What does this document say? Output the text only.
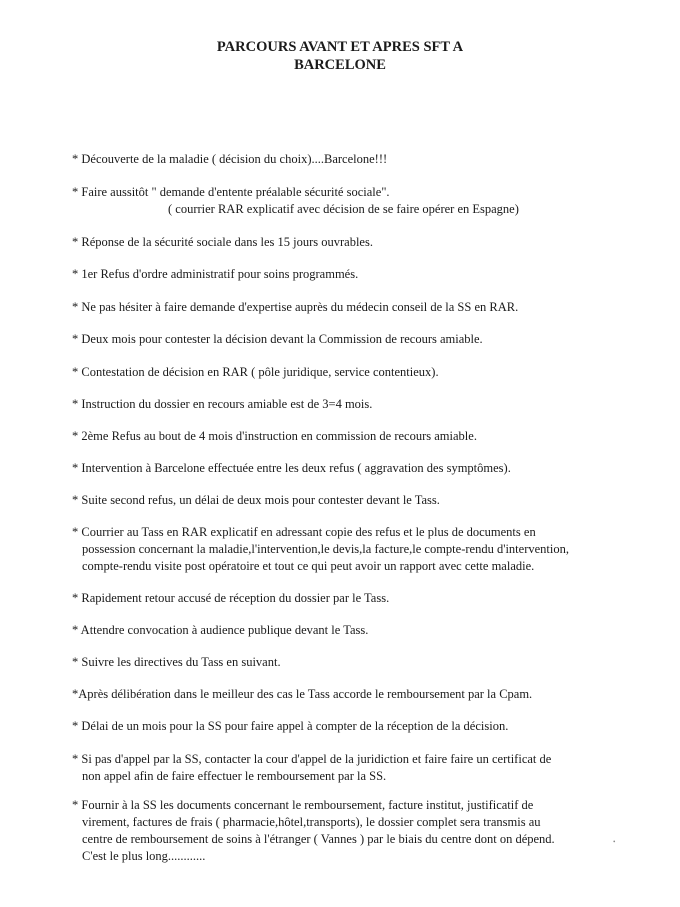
PARCOURS AVANT ET APRES SFT A
BARCELONE
* Découverte de la maladie ( décision du choix)....Barcelone!!!
* Faire aussitôt " demande d'entente préalable sécurité sociale".
( courrier RAR explicatif avec décision de se faire opérer en Espagne)
* Réponse de la sécurité sociale dans les 15 jours ouvrables.
* 1er Refus d'ordre administratif pour soins programmés.
* Ne pas hésiter à faire demande d'expertise auprès du médecin conseil de la SS en RAR.
* Deux mois pour contester la décision devant la Commission de recours amiable.
* Contestation de décision en RAR ( pôle juridique, service contentieux).
* Instruction du dossier en recours amiable est de 3=4 mois.
* 2ème Refus au bout de 4 mois d'instruction en commission de recours amiable.
* Intervention à Barcelone effectuée entre les deux refus ( aggravation des symptômes).
* Suite second refus, un délai de deux mois pour contester devant le Tass.
* Courrier au Tass en RAR explicatif en adressant copie des refus et le plus de documents en
possession concernant la maladie,l'intervention,le devis,la facture,le compte-rendu d'intervention,
compte-rendu visite post opératoire et tout ce qui peut avoir un rapport avec cette maladie.
* Rapidement retour accusé de réception du dossier par le Tass.
* Attendre convocation à audience publique devant le Tass.
* Suivre les directives du Tass en suivant.
*Après délibération dans le meilleur des cas le Tass accorde le remboursement par la Cpam.
* Délai de un mois pour la SS pour faire appel à compter de la réception de la décision.
* Si pas d'appel par la SS, contacter la cour d'appel de la juridiction et faire faire un certificat de
non appel afin de faire effectuer le remboursement par la SS.
* Fournir à la SS les documents concernant le remboursement, facture institut, justificatif de
virement, factures de frais ( pharmacie,hôtel,transports), le dossier complet sera transmis au
centre de remboursement de soins à l'étranger ( Vannes ) par le biais du centre dont on dépend.
C'est le plus long............
•
